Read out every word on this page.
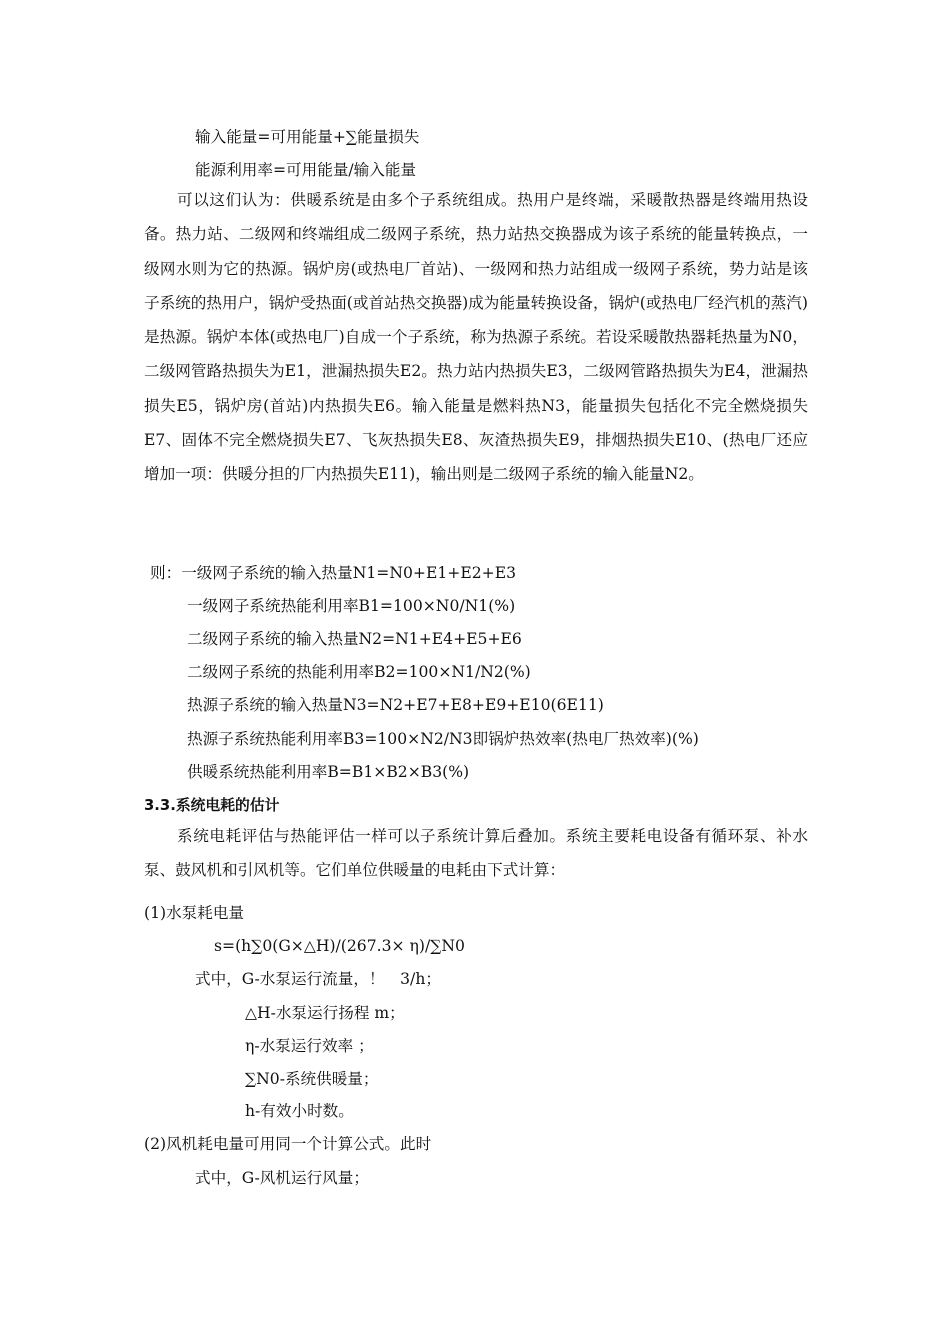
输入能量=可用能量+∑能量损失
能源利用率=可用能量/输入能量
可以这们认为：供暖系统是由多个子系统组成。热用户是终端，采暖散热器是终端用热设备。热力站、二级网和终端组成二级网子系统，热力站热交换器成为该子系统的能量转换点，一级网水则为它的热源。锅炉房(或热电厂首站)、一级网和热力站组成一级网子系统，势力站是该子系统的热用户，锅炉受热面(或首站热交换器)成为能量转换设备，锅炉(或热电厂经汽机的蒸汽)是热源。锅炉本体(或热电厂)自成一个子系统，称为热源子系统。若设采暖散热器耗热量为N0，二级网管路热损失为E1，泄漏热损失E2。热力站内热损失E3，二级网管路热损失为E4，泄漏热损失E5，锅炉房(首站)内热损失E6。输入能量是燃料热N3，能量损失包括化不完全燃烧损失E7、固体不完全燃烧损失E7、飞灰热损失E8、灰渣热损失E9，排烟热损失E10、(热电厂还应增加一项：供暖分担的厂内热损失E11)，输出则是二级网子系统的输入能量N2。
则：一级网子系统的输入热量N1=N0+E1+E2+E3
一级网子系统热能利用率B1=100×N0/N1(%)
二级网子系统的输入热量N2=N1+E4+E5+E6
二级网子系统的热能利用率B2=100×N1/N2(%)
热源子系统的输入热量N3=N2+E7+E8+E9+E10(6E11)
热源子系统热能利用率B3=100×N2/N3即锅炉热效率(热电厂热效率)(%)
供暖系统热能利用率B=B1×B2×B3(%)
3.3.系统电耗的估计
系统电耗评估与热能评估一样可以子系统计算后叠加。系统主要耗电设备有循环泵、补水泵、鼓风机和引风机等。它们单位供暖量的电耗由下式计算：
(1)水泵耗电量
s=(h∑0(G×△H)/(267.3× η)/∑N0
式中，G-水泵运行流量，！　3/h；
△H-水泵运行扬程 m；
η-水泵运行效率 ；
∑N0-系统供暖量；
h-有效小时数。
(2)风机耗电量可用同一个计算公式。此时
式中，G-风机运行风量；
